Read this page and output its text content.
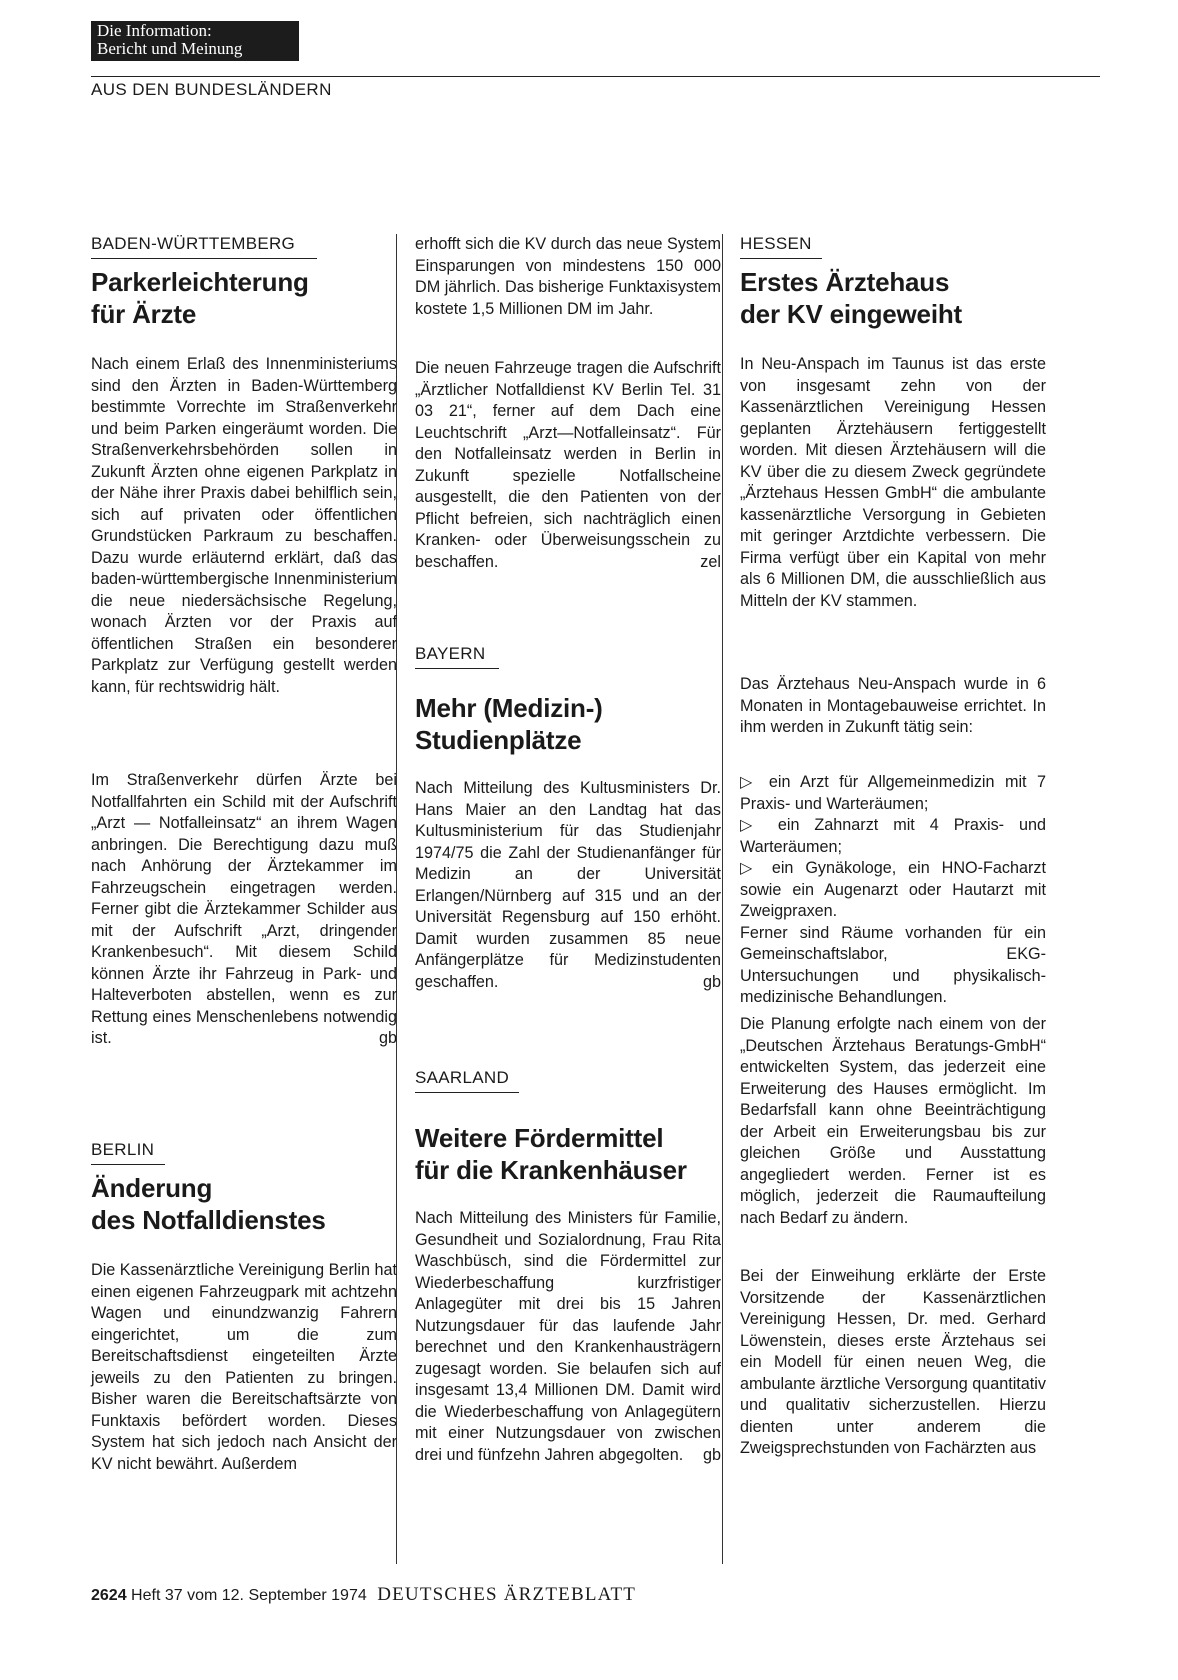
Die Information:
Bericht und Meinung
AUS DEN BUNDESLÄNDERN
BADEN-WÜRTTEMBERG
Parkerleichterung
für Ärzte

Nach einem Erlaß des Innenministeriums sind den Ärzten in Baden-Württemberg bestimmte Vorrechte im Straßenverkehr und beim Parken eingeräumt worden. Die Straßenverkehrsbehörden sollen in Zukunft Ärzten ohne eigenen Parkplatz in der Nähe ihrer Praxis dabei behilflich sein, sich auf privaten oder öffentlichen Grundstücken Parkraum zu beschaffen. Dazu wurde erläuternd erklärt, daß das baden-württembergische Innenministerium die neue niedersächsische Regelung, wonach Ärzten vor der Praxis auf öffentlichen Straßen ein besonderer Parkplatz zur Verfügung gestellt werden kann, für rechtswidrig hält.

Im Straßenverkehr dürfen Ärzte bei Notfallfahrten ein Schild mit der Aufschrift „Arzt — Notfalleinsatz“ an ihrem Wagen anbringen. Die Berechtigung dazu muß nach Anhörung der Ärztekammer im Fahrzeugschein eingetragen werden. Ferner gibt die Ärztekammer Schilder aus mit der Aufschrift „Arzt, dringender Krankenbesuch“. Mit diesem Schild können Ärzte ihr Fahrzeug in Park- und Halteverboten abstellen, wenn es zur Rettung eines Menschenlebens notwendig ist.	gb

BERLIN
Änderung
des Notfalldienstes

Die Kassenärztliche Vereinigung Berlin hat einen eigenen Fahrzeugpark mit achtzehn Wagen und einundzwanzig Fahrern eingerichtet, um die zum Bereitschaftsdienst eingeteilten Ärzte jeweils zu den Patienten zu bringen. Bisher waren die Bereitschaftsärzte von Funktaxis befördert worden. Dieses System hat sich jedoch nach Ansicht der KV nicht bewährt. Außerdem

erhofft sich die KV durch das neue System Einsparungen von mindestens 150 000 DM jährlich. Das bisherige Funktaxisystem kostete 1,5 Millionen DM im Jahr.

Die neuen Fahrzeuge tragen die Aufschrift „Ärztlicher Notfalldienst KV Berlin Tel. 31 03 21“, ferner auf dem Dach eine Leuchtschrift „Arzt—Notfalleinsatz“. Für den Notfalleinsatz werden in Berlin in Zukunft spezielle Notfallscheine ausgestellt, die den Patienten von der Pflicht befreien, sich nachträglich einen Kranken- oder Überweisungsschein zu beschaffen.	zel

BAYERN
Mehr (Medizin-)
Studienplätze

Nach Mitteilung des Kultusministers Dr. Hans Maier an den Landtag hat das Kultusministerium für das Studienjahr 1974/75 die Zahl der Studienanfänger für Medizin an der Universität Erlangen/Nürnberg auf 315 und an der Universität Regensburg auf 150 erhöht. Damit wurden zusammen 85 neue Anfängerplätze für Medizinstudenten geschaffen.	gb

SAARLAND
Weitere Fördermittel
für die Krankenhäuser

Nach Mitteilung des Ministers für Familie, Gesundheit und Sozialordnung, Frau Rita Waschbüsch, sind die Fördermittel zur Wiederbeschaffung kurzfristiger Anlagegüter mit drei bis 15 Jahren Nutzungsdauer für das laufende Jahr berechnet und den Krankenhausträgern zugesagt worden. Sie belaufen sich auf insgesamt 13,4 Millionen DM. Damit wird die Wiederbeschaffung von Anlagegütern mit einer Nutzungsdauer von zwischen drei und fünfzehn Jahren abgegolten. gb

HESSEN
Erstes Ärztehaus
der KV eingeweiht

In Neu-Anspach im Taunus ist das erste von insgesamt zehn von der Kassenärztlichen Vereinigung Hessen geplanten Ärztehäusern fertiggestellt worden. Mit diesen Ärztehäusern will die KV über die zu diesem Zweck gegründete „Ärztehaus Hessen GmbH“ die ambulante kassenärztliche Versorgung in Gebieten mit geringer Arztdichte verbessern. Die Firma verfügt über ein Kapital von mehr als 6 Millionen DM, die ausschließlich aus Mitteln der KV stammen.

Das Ärztehaus Neu-Anspach wurde in 6 Monaten in Montagebauweise errichtet. In ihm werden in Zukunft tätig sein:

▷ ein Arzt für Allgemeinmedizin mit 7 Praxis- und Warteräumen;

▷ ein Zahnarzt mit 4 Praxis- und Warteräumen;

▷ ein Gynäkologe, ein HNO-Facharzt sowie ein Augenarzt oder Hautarzt mit Zweigpraxen.

Ferner sind Räume vorhanden für ein Gemeinschaftslabor, EKG-Untersuchungen und physikalisch-medizinische Behandlungen.

Die Planung erfolgte nach einem von der „Deutschen Ärztehaus Beratungs-GmbH“ entwickelten System, das jederzeit eine Erweiterung des Hauses ermöglicht. Im Bedarfsfall kann ohne Beeinträchtigung der Arbeit ein Erweiterungsbau bis zur gleichen Größe und Ausstattung angegliedert werden. Ferner ist es möglich, jederzeit die Raumaufteilung nach Bedarf zu ändern.

Bei der Einweihung erklärte der Erste Vorsitzende der Kassenärztlichen Vereinigung Hessen, Dr. med. Gerhard Löwenstein, dieses erste Ärztehaus sei ein Modell für einen neuen Weg, die ambulante ärztliche Versorgung quantitativ und qualitativ sicherzustellen. Hierzu dienten unter anderem die Zweigsprechstunden von Fachärzten aus

2624 Heft 37 vom 12. September 1974 DEUTSCHES ÄRZTEBLATT
